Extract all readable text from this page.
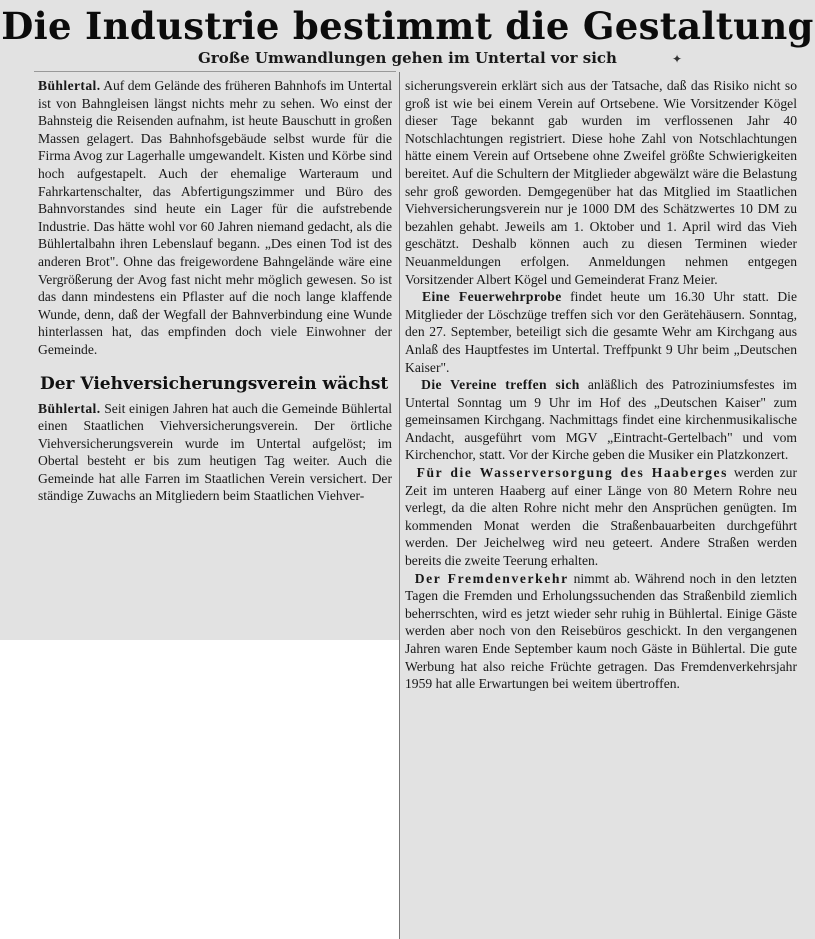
Die Industrie bestimmt die Gestaltung
Große Umwandlungen gehen im Untertal vor sich	✦

Bühlertal. Auf dem Gelände des früheren Bahnhofs im Untertal ist von Bahngleisen längst nichts mehr zu sehen. Wo einst der Bahnsteig die Reisenden aufnahm, ist heute Bauschutt in großen Massen gelagert. Das Bahnhofsgebäude selbst wurde für die Firma Avog zur Lagerhalle umgewandelt. Kisten und Körbe sind hoch aufgestapelt. Auch der ehemalige Warteraum und Fahrkartenschalter, das Abfertigungszimmer und Büro des Bahnvorstandes sind heute ein Lager für die aufstrebende Industrie. Das hätte wohl vor 60 Jahren niemand gedacht, als die Bühlertalbahn ihren Lebenslauf begann. „Des einen Tod ist des anderen Brot". Ohne das freigewordene Bahngelände wäre eine Vergrößerung der Avog fast nicht mehr möglich gewesen. So ist das dann mindestens ein Pflaster auf die noch lange klaffende Wunde, denn, daß der Wegfall der Bahnverbindung eine Wunde hinterlassen hat, das empfinden doch viele Einwohner der Gemeinde.

Der Viehversicherungsverein wächst

Bühlertal. Seit einigen Jahren hat auch die Gemeinde Bühlertal einen Staatlichen Viehversicherungsverein. Der örtliche Viehversicherungsverein wurde im Untertal aufgelöst; im Obertal besteht er bis zum heutigen Tag weiter. Auch die Gemeinde hat alle Farren im Staatlichen Verein versichert. Der ständige Zuwachs an Mitgliedern beim Staatlichen Viehver-

sicherungsverein erklärt sich aus der Tatsache, daß das Risiko nicht so groß ist wie bei einem Verein auf Ortsebene. Wie Vorsitzender Kögel dieser Tage bekannt gab wurden im verflossenen Jahr 40 Notschlachtungen registriert. Diese hohe Zahl von Notschlachtungen hätte einem Verein auf Ortsebene ohne Zweifel größte Schwierigkeiten bereitet. Auf die Schultern der Mitglieder abgewälzt wäre die Belastung sehr groß geworden. Demgegenüber hat das Mitglied im Staatlichen Viehversicherungsverein nur je 1000 DM des Schätzwertes 10 DM zu bezahlen gehabt. Jeweils am 1. Oktober und 1. April wird das Vieh geschätzt. Deshalb können auch zu diesen Terminen wieder Neuanmeldungen erfolgen. Anmeldungen nehmen entgegen Vorsitzender Albert Kögel und Gemeinderat Franz Meier.

Eine Feuerwehrprobe findet heute um 16.30 Uhr statt. Die Mitglieder der Löschzüge treffen sich vor den Gerätehäusern. Sonntag, den 27. September, beteiligt sich die gesamte Wehr am Kirchgang aus Anlaß des Hauptfestes im Untertal. Treffpunkt 9 Uhr beim „Deutschen Kaiser".

Die Vereine treffen sich anläßlich des Patroziniumsfestes im Untertal Sonntag um 9 Uhr im Hof des „Deutschen Kaiser" zum gemeinsamen Kirchgang. Nachmittags findet eine kirchenmusikalische Andacht, ausgeführt vom MGV „Eintracht-Gertelbach" und vom Kirchenchor, statt. Vor der Kirche geben die Musiker ein Platzkonzert.

Für die Wasserversorgung des Haaberges werden zur Zeit im unteren Haaberg auf einer Länge von 80 Metern Rohre neu verlegt, da die alten Rohre nicht mehr den Ansprüchen genügten. Im kommenden Monat werden die Straßenbauarbeiten durchgeführt werden. Der Jeichelweg wird neu geteert. Andere Straßen werden bereits die zweite Teerung erhalten.

Der Fremdenverkehr nimmt ab. Während noch in den letzten Tagen die Fremden und Erholungssuchenden das Straßenbild ziemlich beherrschten, wird es jetzt wieder sehr ruhig in Bühlertal. Einige Gäste werden aber noch von den Reisebüros geschickt. In den vergangenen Jahren waren Ende September kaum noch Gäste in Bühlertal. Die gute Werbung hat also reiche Früchte getragen. Das Fremdenverkehrsjahr 1959 hat alle Erwartungen bei weitem übertroffen.
